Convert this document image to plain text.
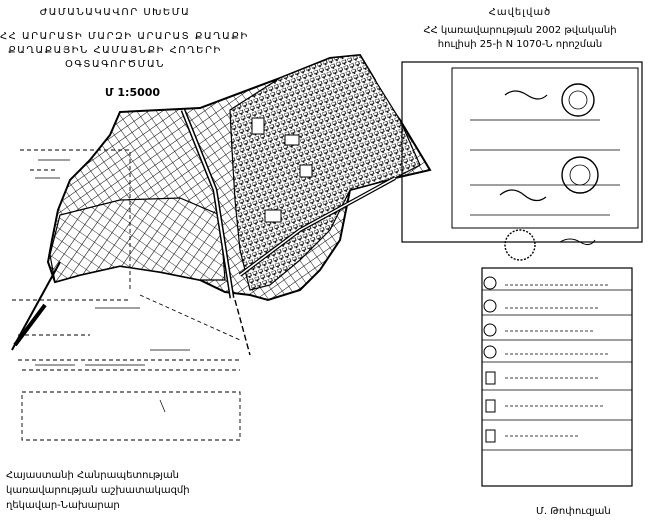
ԺԱՄԱՆԱԿԱՎՈՐ ՍԽԵՄԱ
ՀՀ ԱՐԱՐԱՏԻ ՄԱՐԶԻ ԱՐԱՐԱՏ ՔԱՂԱՔԻ
ՔԱՂԱՔԱՅԻՆ ՀԱՄԱՅՆՔԻ ՀՈՂԵՐԻ
ՕԳՏԱԳՈՐԾՄԱՆ
Մ 1:5000
Հավելված
ՀՀ կառավարության 2002 թվականի
հուլիսի 25-ի N 1070-Ն որոշման
Հայաստանի Հանրապետության
կառավարության աշխատակազմի
ղեկավար-Նախարար
Մ. Թոփուզյան
